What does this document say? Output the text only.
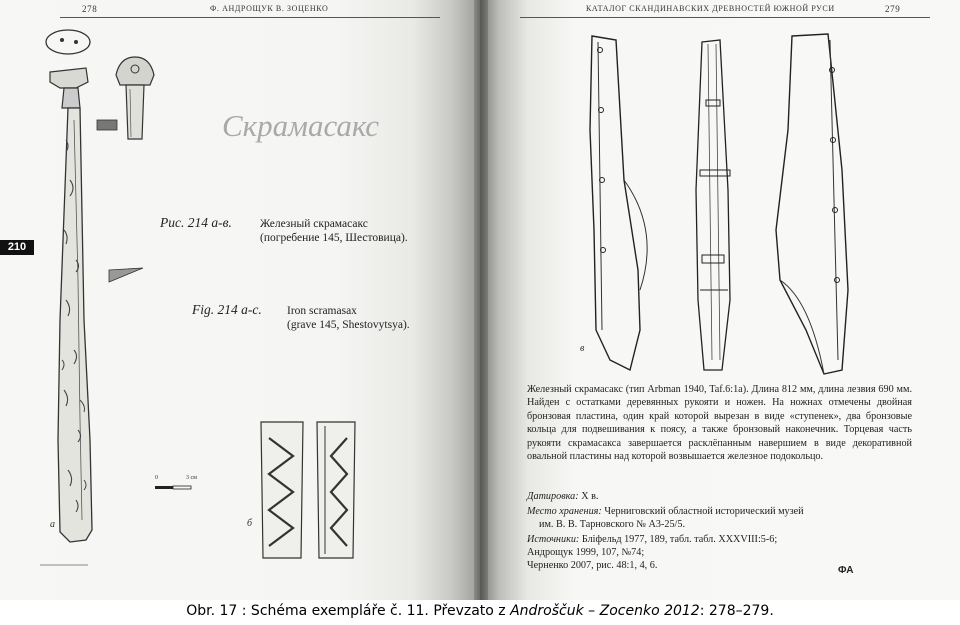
278	Ф. АНДРОЩУК В. ЗОЦЕНКО
210
Скрамасакс
Рис. 214 а-в. Железный скрамасакс
(погребение 145, Шестовица).
Fig. 214 a-c. Iron scramasax
(grave 145, Shestovytsya).
0	3 см
а	б
КАТАЛОГ СКАНДИНАВСКИХ ДРЕВНОСТЕЙ ЮЖНОЙ РУСИ	279
в

Железный скрамасакс (тип Arbman 1940, Taf.6:1a). Длина 812 мм, длина лезвия 690 мм. Найден с остатками деревянных рукояти и ножен. На ножнах отмечены двойная бронзовая пластина, один край которой вырезан в виде «ступенек», два бронзовые кольца для подвешивания к поясу, а также бронзовый наконечник. Торцевая часть рукояти скрамасакса завершается расклёпанным навершием в виде декоративной овальной пластины над которой возвышается железное подокольцо.

Датировка: X в.
Место хранения: Черниговский областной исторический музей
им. В. В. Тарновского № А3-25/5.
Источники: Бліфельд 1977, 189, табл. табл. XXXVIII:5-6;
Андрощук 1999, 107, №74;
Черненко 2007, рис. 48:1, 4, 6.	ФА
Obr. 17 : Schéma exempláře č. 11. Převzato z Androščuk – Zocenko 2012: 278–279.
